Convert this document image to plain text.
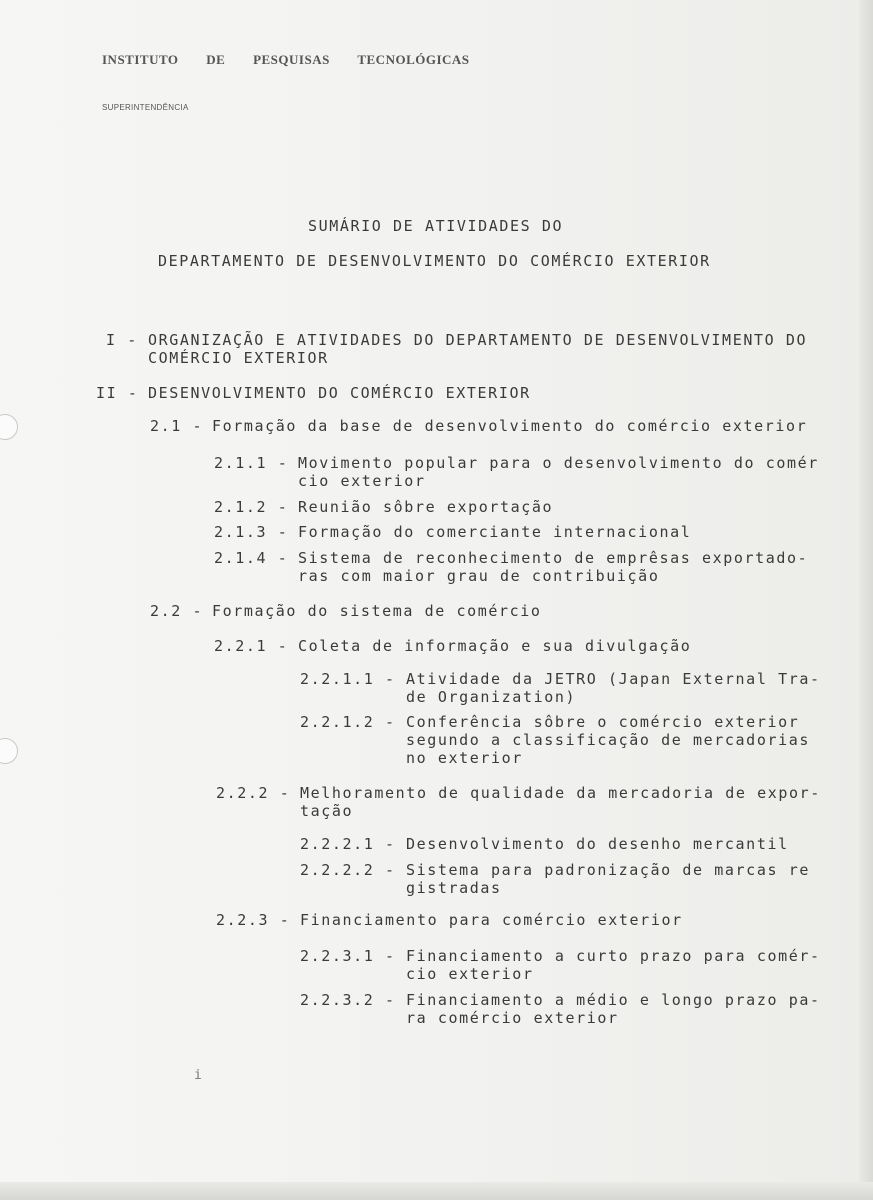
INSTITUTO DE PESQUISAS TECNOLÓGICAS
SUPERINTENDÊNCIA
SUMÁRIO DE ATIVIDADES DO
DEPARTAMENTO DE DESENVOLVIMENTO DO COMÉRCIO EXTERIOR
I - ORGANIZAÇÃO E ATIVIDADES DO DEPARTAMENTO DE DESENVOLVIMENTO DO
COMÉRCIO EXTERIOR
II - DESENVOLVIMENTO DO COMÉRCIO EXTERIOR
2.1 - Formação da base de desenvolvimento do comércio exterior
2.1.1 - Movimento popular para o desenvolvimento do comér
cio exterior
2.1.2 - Reunião sôbre exportação
2.1.3 - Formação do comerciante internacional
2.1.4 - Sistema de reconhecimento de emprêsas exportado-
ras com maior grau de contribuição
2.2 - Formação do sistema de comércio
2.2.1 - Coleta de informação e sua divulgação
2.2.1.1 - Atividade da JETRO (Japan External Tra-
de Organization)
2.2.1.2 - Conferência sôbre o comércio exterior
segundo a classificação de mercadorias
no exterior
2.2.2 - Melhoramento de qualidade da mercadoria de expor-
tação
2.2.2.1 - Desenvolvimento do desenho mercantil
2.2.2.2 - Sistema para padronização de marcas re
gistradas
2.2.3 - Financiamento para comércio exterior
2.2.3.1 - Financiamento a curto prazo para comér-
cio exterior
2.2.3.2 - Financiamento a médio e longo prazo pa-
ra comércio exterior
i
